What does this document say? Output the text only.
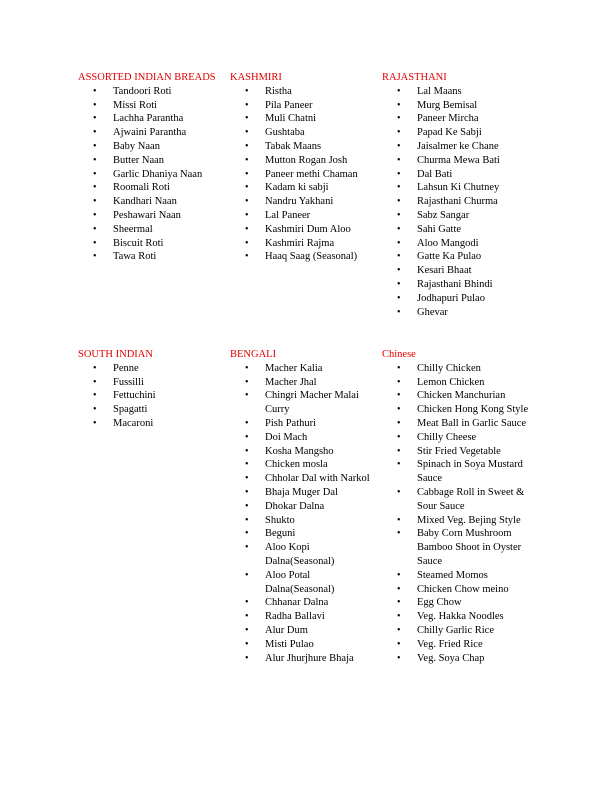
ASSORTED INDIAN BREADS
• Tandoori Roti
• Missi Roti
• Lachha Parantha
• Ajwaini Parantha
• Baby Naan
• Butter Naan
• Garlic Dhaniya Naan
• Roomali Roti
• Kandhari Naan
• Peshawari Naan
• Sheermal
• Biscuit Roti
• Tawa Roti
KASHMIRI
• Ristha
• Pila Paneer
• Muli Chatni
• Gushtaba
• Tabak Maans
• Mutton Rogan Josh
• Paneer methi Chaman
• Kadam ki sabji
• Nandru Yakhani
• Lal Paneer
• Kashmiri Dum Aloo
• Kashmiri Rajma
• Haaq Saag (Seasonal)
RAJASTHANI
• Lal Maans
• Murg Bemisal
• Paneer Mircha
• Papad Ke Sabji
• Jaisalmer ke Chane
• Churma Mewa Bati
• Dal Bati
• Lahsun Ki Chutney
• Rajasthani Churma
• Sabz Sangar
• Sahi Gatte
• Aloo Mangodi
• Gatte Ka Pulao
• Kesari Bhaat
• Rajasthani Bhindi
• Jodhapuri Pulao
• Ghevar
SOUTH INDIAN
• Penne
• Fussilli
• Fettuchini
• Spagatti
• Macaroni
BENGALI
• Macher Kalia
• Macher Jhal
• Chingri Macher Malai Curry
• Pish Pathuri
• Doi Mach
• Kosha Mangsho
• Chicken mosla
• Chholar Dal with Narkol
• Bhaja Muger Dal
• Dhokar Dalna
• Shukto
• Beguni
• Aloo Kopi Dalna(Seasonal)
• Aloo Potal Dalna(Seasonal)
• Chhanar Dalna
• Radha Ballavi
• Alur Dum
• Misti Pulao
• Alur Jhurjhure Bhaja
Chinese
• Chilly Chicken
• Lemon Chicken
• Chicken Manchurian
• Chicken Hong Kong Style
• Meat Ball in Garlic Sauce
• Chilly Cheese
• Stir Fried Vegetable
• Spinach in Soya Mustard Sauce
• Cabbage Roll in Sweet & Sour Sauce
• Mixed Veg. Bejing Style
• Baby Corn Mushroom Bamboo Shoot in Oyster Sauce
• Steamed Momos
• Chicken Chow meino
• Egg Chow
• Veg. Hakka Noodles
• Chilly Garlic Rice
• Veg. Fried Rice
• Veg. Soya Chap
